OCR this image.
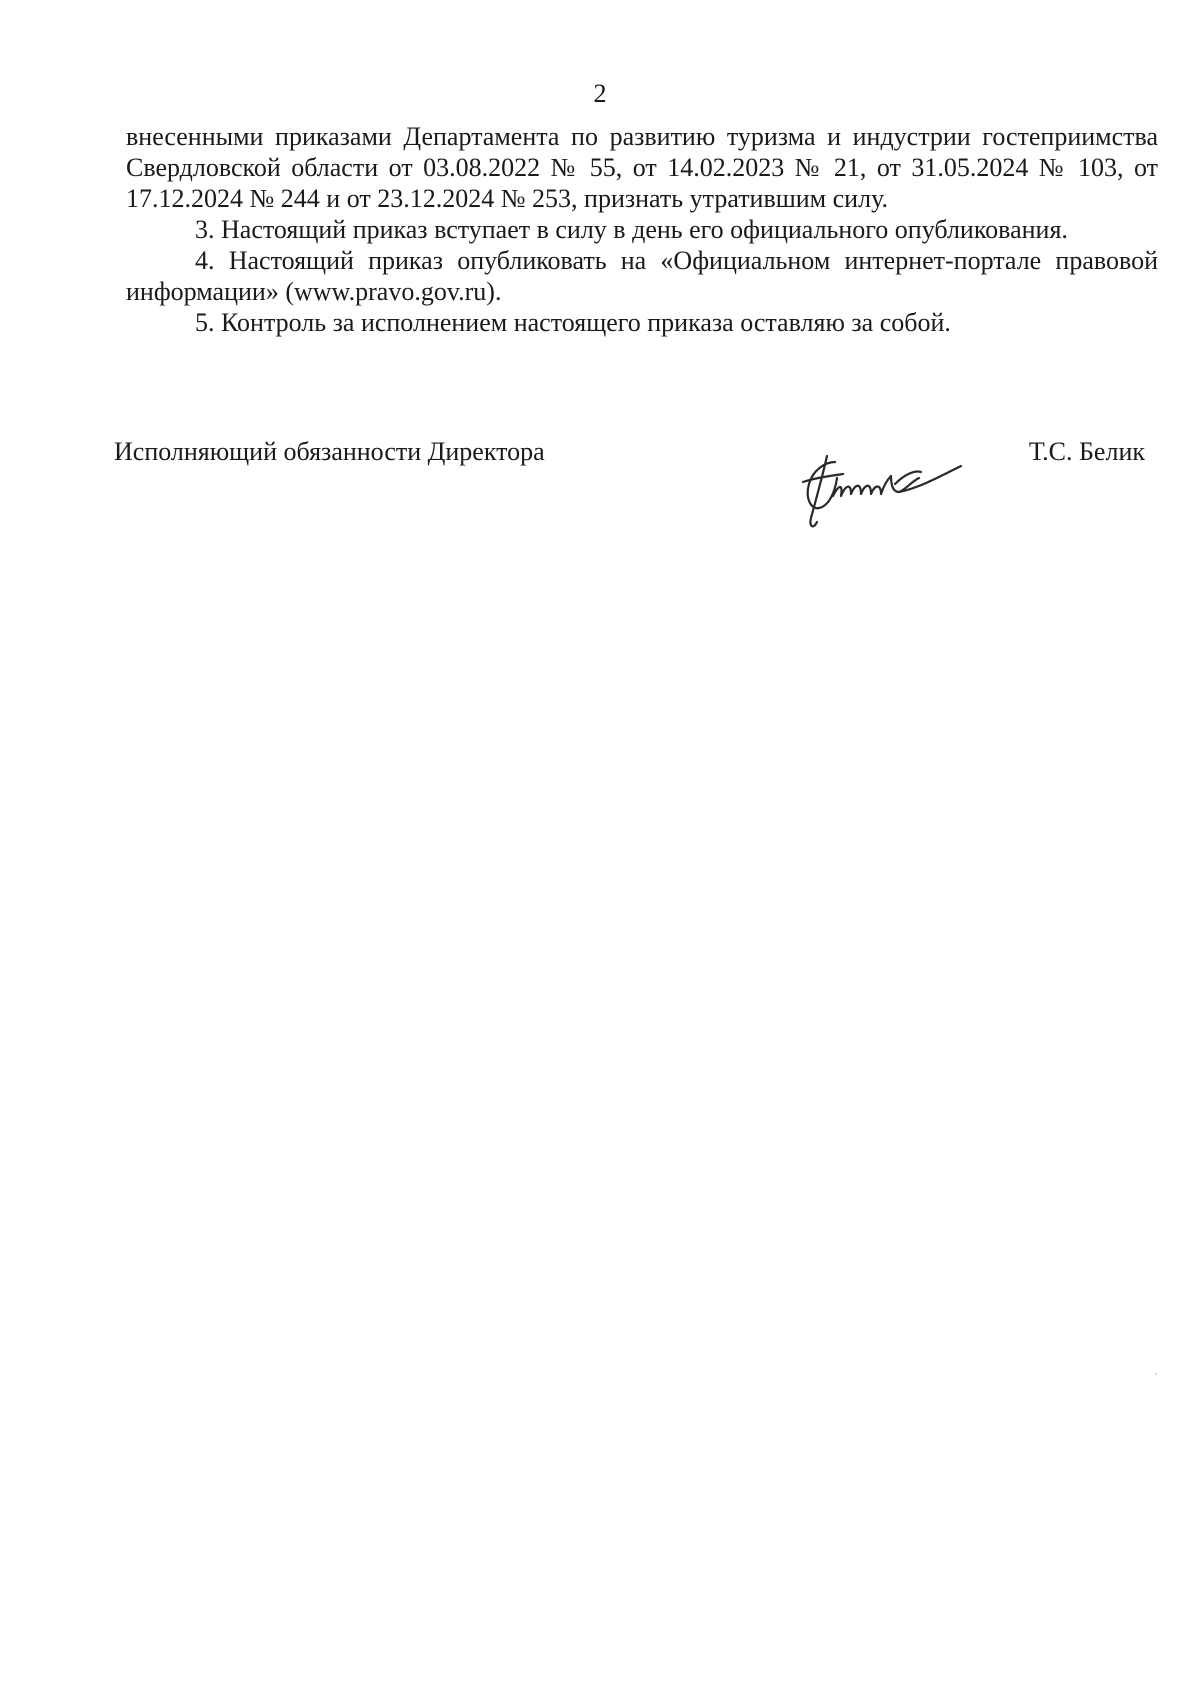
2

внесенными приказами Департамента по развитию туризма и индустрии гостеприимства Свердловской области от 03.08.2022 № 55, от 14.02.2023 № 21, от 31.05.2024 № 103, от 17.12.2024 № 244 и от 23.12.2024 № 253, признать утратившим силу.

3. Настоящий приказ вступает в силу в день его официального опубликования.

4. Настоящий приказ опубликовать на «Официальном интернет-портале правовой информации» (www.pravo.gov.ru).

5. Контроль за исполнением настоящего приказа оставляю за собой.

Исполняющий обязанности Директора	Т.С. Белик
